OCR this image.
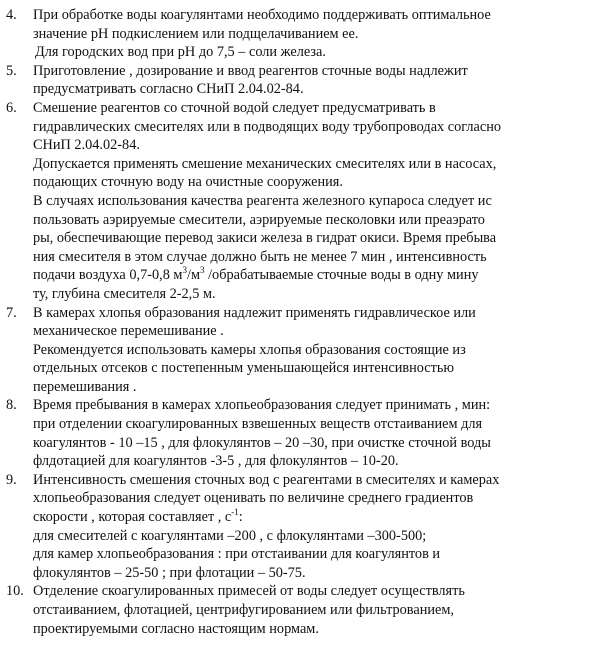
4.	При обработке воды коагулянтами необходимо поддерживать оптимальное
значение pH подкислением или подщелачиванием ее.
Для городских вод при pH до 7,5 – соли железа.
5.	Приготовление , дозирование и ввод реагентов сточные воды надлежит
предусматривать согласно СНиП 2.04.02-84.
6.	Смешение реагентов со сточной водой следует предусматривать в
гидравлических смесителях или в подводящих воду трубопроводах согласно
СНиП 2.04.02-84.
Допускается применять смешение механических смесителях или в насосах,
подающих сточную воду на очистные сооружения.
В случаях использования качества реагента железного купароса следует ис
пользовать аэрируемые смесители, аэрируемые песколовки или преаэрато
ры, обеспечивающие перевод закиси железа в гидрат окиси. Время пребыва
ния смесителя в этом случае должно быть не менее 7 мин , интенсивность
подачи воздуха 0,7-0,8 $м^3/м^3$ /обрабатываемые сточные воды в одну мину
ту, глубина смесителя 2-2,5 м.
7.	В камерах хлопья образования надлежит применять гидравлическое или
механическое перемешивание .
Рекомендуется использовать камеры хлопья образования состоящие из
отдельных отсеков с постепенным уменьшающейся интенсивностью
перемешивания .
8.	Время пребывания в камерах хлопьеобразования следует принимать , мин:
при отделении скоагулированных взвешенных веществ отстаиванием для
коагулянтов - 10 –15 , для флокулянтов – 20 –30, при очистке сточной воды
флдотацией для коагулянтов -3-5 , для флокулянтов – 10-20.
9.	Интенсивность смешения сточных вод с реагентами в смесителях и камерах
хлопьеобразования следует оценивать по величине среднего градиентов
скорости , которая составляет , $с^{-1}$:
для смесителей с коагулянтами –200 , с флокулянтами –300-500;
для камер хлопьеобразования : при отстаивании для коагулянтов и
флокулянтов – 25-50 ; при флотации – 50-75.
10. Отделение скоагулированных примесей от воды следует осуществлять
отстаиванием, флотацией, центрифугированием или фильтрованием,
проектируемыми согласно настоящим нормам.
